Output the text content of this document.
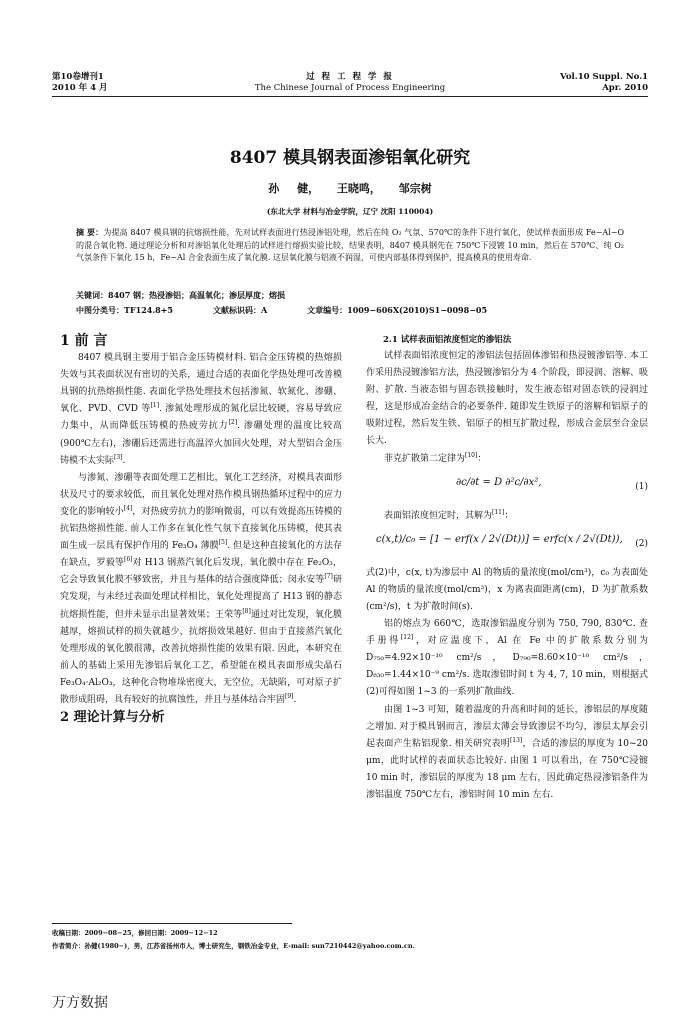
第10卷增刊1
2010 年 4 月
过 程 工 程 学 报
The Chinese Journal of Process Engineering
Vol.10 Suppl. No.1
Apr. 2010
8407 模具钢表面渗铝氧化研究
孙 健， 王晓鸣， 邹宗树
(东北大学 材料与冶金学院，辽宁 沈阳 110004)
摘 要：为提高 8407 模具钢的抗熔损性能，先对试样表面进行热浸渗铝处理，然后在纯 O₂ 气氛、570℃的条件下进行氧化，使试样表面形成 Fe−Al−O 的混合氧化物. 通过理论分析和对渗铝氧化处理后的试样进行熔损实验比较，结果表明，8407 模具钢先在 750℃下浸镀 10 min，然后在 570℃、纯 O₂ 气氛条件下氧化 15 h，Fe−Al 合金表面生成了氧化膜. 这层氧化膜与铝液不润湿，可使内部基体得到保护，提高模具的使用寿命.
关键词：8407 钢；热浸渗铝；高温氧化；渗层厚度；熔损
中图分类号：TF124.8+5	文献标识码：A	文章编号：1009−606X(2010)S1−0098−05

1 前 言

8407 模具钢主要用于铝合金压铸模材料. 铝合金压铸模的热熔损失效与其表面状况有密切的关系，通过合适的表面化学热处理可改善模具钢的抗热熔损性能. 表面化学热处理技术包括渗氮、软氮化、渗硼、氧化、PVD、CVD 等[1]. 渗氮处理形成的氮化层比较硬，容易导致应力集中，从而降低压铸模的热疲劳抗力[2]. 渗硼处理的温度比较高(900℃左右)，渗硼后还需进行高温淬火加回火处理，对大型铝合金压铸模不太实际[3].

与渗氮、渗硼等表面处理工艺相比，氧化工艺经济，对模具表面形状及尺寸的要求较低，而且氧化处理对热作模具钢热循环过程中的应力变化的影响较小[4]，对热疲劳抗力的影响微弱，可以有效提高压铸模的抗铝热熔损性能. 前人工作多在氧化性气氛下直接氧化压铸模，使其表面生成一层具有保护作用的 Fe₃O₄ 薄膜[5]. 但是这种直接氧化的方法存在缺点，罗毅等[6]对 H13 钢蒸汽氧化后发现，氧化膜中存在 Fe₂O₃，它会导致氧化膜不够致密，并且与基体的结合强度降低；闵永安等[7]研究发现，与未经过表面处理试样相比，氧化处理提高了 H13 钢的静态抗熔损性能，但并未显示出显著效果；王荣等[8]通过对比发现，氧化膜越厚，熔损试样的损失就越少，抗熔损效果越好. 但由于直接蒸汽氧化处理形成的氧化膜很薄，改善抗熔损性能的效果有限. 因此，本研究在前人的基础上采用先渗铝后氧化工艺，希望能在模具表面形成尖晶石 Fe₃O₄·Al₂O₃，这种化合物堆垛密度大，无空位，无缺陷，可对原子扩散形成阻碍，具有较好的抗腐蚀性，并且与基体结合牢固[9].

2 理论计算与分析

2.1 试样表面铝浓度恒定的渗铝法

试样表面铝浓度恒定的渗铝法包括固体渗铝和热浸镀渗铝等. 本工作采用热浸镀渗铝方法，热浸镀渗铝分为 4 个阶段，即浸润、溶解、吸附、扩散. 当液态铝与固态铁接触时，发生液态铝对固态铁的浸润过程，这是形成冶金结合的必要条件. 随即发生铁原子的溶解和铝原子的吸附过程，然后发生铁、铝原子的相互扩散过程，形成合金层至合金层长大.

菲克扩散第二定律为[10]：

∂c/∂t = D ∂²c/∂x²,	(1)

表面铝浓度恒定时，其解为[11]：

c(x,t)/c₀ = [1 − erf(x / 2√(Dt))] = erfc(x / 2√(Dt)), (2)

式(2)中，c(x, t)为渗层中 Al 的物质的量浓度(mol/cm³)，c₀ 为表面处 Al 的物质的量浓度(mol/cm³)，x 为离表面距离(cm)，D 为扩散系数(cm²/s)，t 为扩散时间(s).

铝的熔点为 660℃，选取渗铝温度分别为 750, 790, 830℃. 查手册得[12]，对应温度下，Al 在 Fe 中的扩散系数分别为 D₇₅₀=4.92×10⁻¹⁰ cm²/s，D₇₉₀=8.60×10⁻¹⁰ cm²/s，D₈₃₀=1.44×10⁻⁹ cm²/s. 选取渗铝时间 t 为 4, 7, 10 min，则根据式(2)可得如图 1~3 的一系列扩散曲线.

由图 1~3 可知，随着温度的升高和时间的延长，渗铝层的厚度随之增加. 对于模具钢而言，渗层太薄会导致渗层不均匀，渗层太厚会引起表面产生粘铝现象. 相关研究表明[13]，合适的渗层的厚度为 10~20 μm，此时试样的表面状态比较好. 由图 1 可以看出，在 750℃浸镀 10 min 时，渗铝层的厚度为 18 μm 左右，因此确定热浸渗铝条件为渗铝温度 750℃左右，渗铝时间 10 min 左右.

收稿日期：2009−08−25，修回日期：2009−12−12
作者简介：孙健(1980−)，男，江苏省扬州市人，博士研究生，钢铁冶金专业，E-mail: sun7210442@yahoo.com.cn.
万方数据
